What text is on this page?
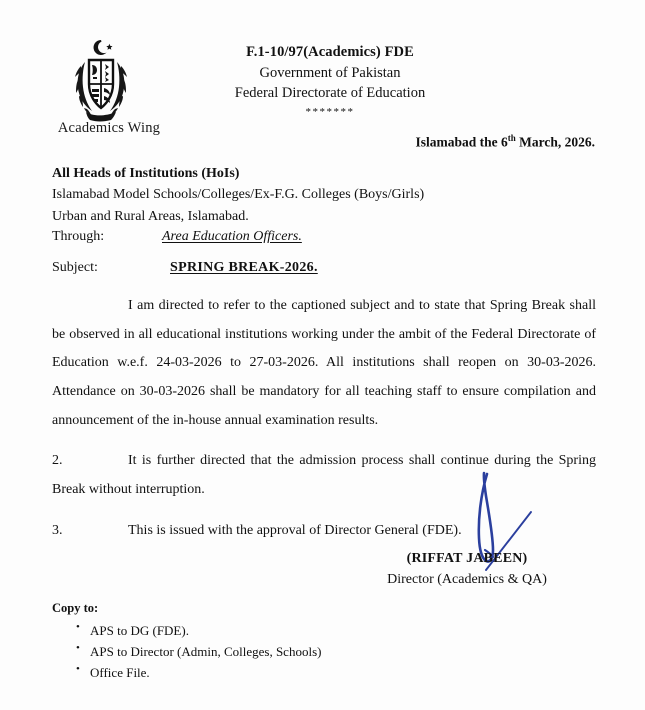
Academics Wing
F.1-10/97(Academics) FDE
Government of Pakistan
Federal Directorate of Education
*******
Islamabad the 6th March, 2026.
All Heads of Institutions (HoIs)
Islamabad Model Schools/Colleges/Ex-F.G. Colleges (Boys/Girls)
Urban and Rural Areas, Islamabad.
Through:	Area Education Officers.
Subject:	SPRING BREAK-2026.
I am directed to refer to the captioned subject and to state that Spring Break shall be observed in all educational institutions working under the ambit of the Federal Directorate of Education w.e.f. 24-03-2026 to 27-03-2026. All institutions shall reopen on 30-03-2026. Attendance on 30-03-2026 shall be mandatory for all teaching staff to ensure compilation and announcement of the in-house annual examination results.
2.	It is further directed that the admission process shall continue during the Spring Break without interruption.
3.	This is issued with the approval of Director General (FDE).
(RIFFAT JABEEN)
Director (Academics & QA)
Copy to:
• APS to DG (FDE).
• APS to Director (Admin, Colleges, Schools)
• Office File.
